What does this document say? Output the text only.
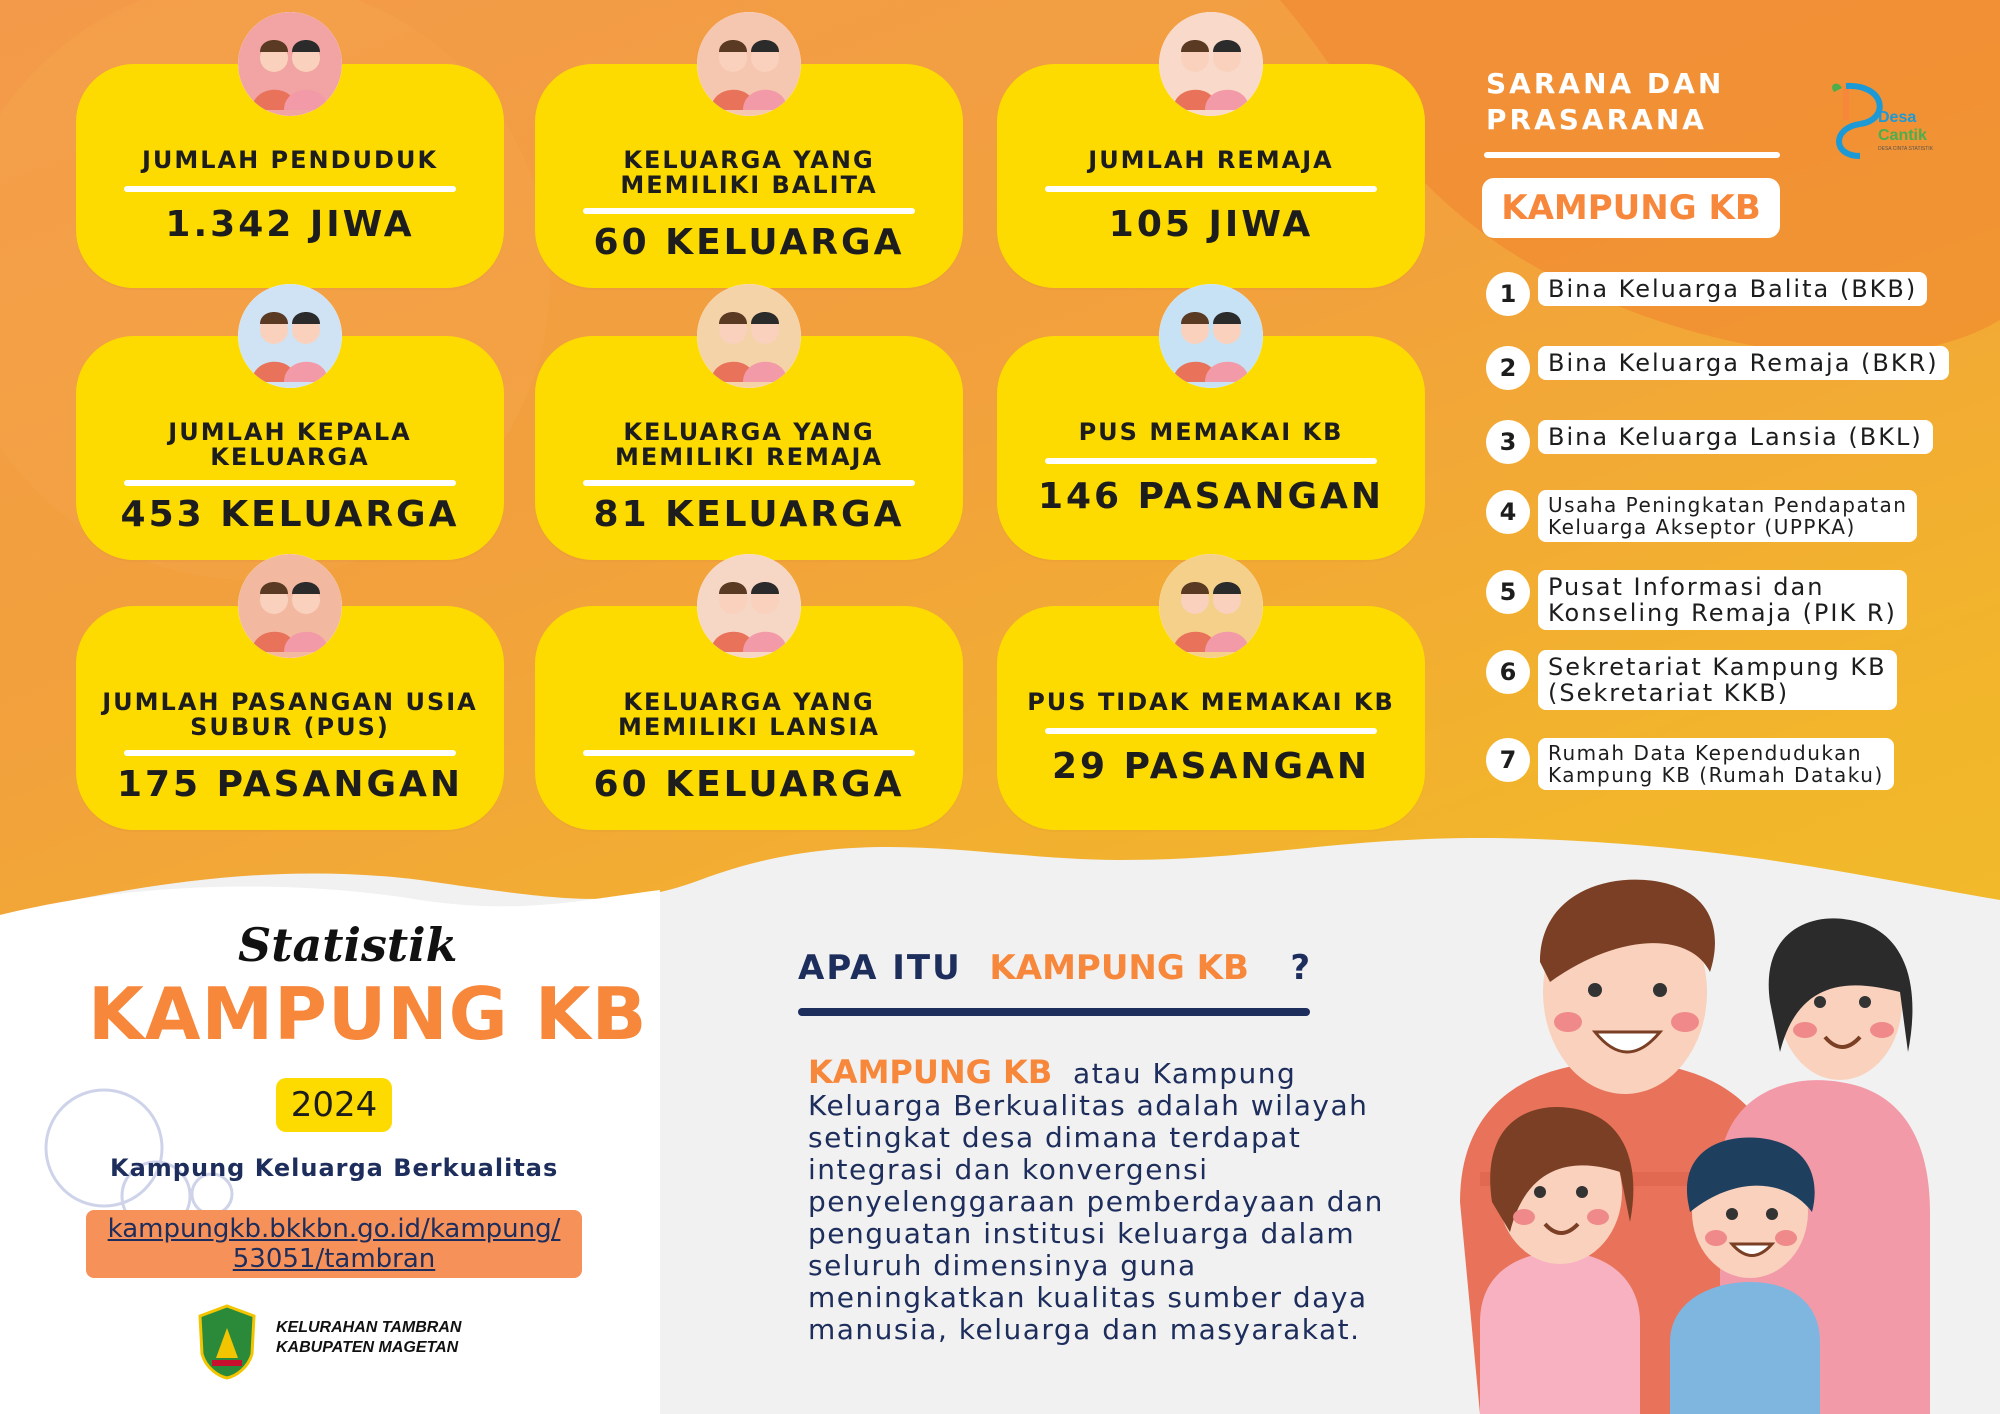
Desa
Cantik
DESA CINTA STATISTIK
JUMLAH PENDUDUK
1.342 JIWA
KELUARGA YANG
MEMILIKI BALITA
60 KELUARGA
JUMLAH REMAJA
105 JIWA
JUMLAH KEPALA
KELUARGA
453 KELUARGA
KELUARGA YANG
MEMILIKI REMAJA
81 KELUARGA
PUS MEMAKAI KB
146 PASANGAN
JUMLAH PASANGAN USIA
SUBUR (PUS)
175 PASANGAN
KELUARGA YANG
MEMILIKI LANSIA
60 KELUARGA
PUS TIDAK MEMAKAI KB
29 PASANGAN
SARANA DAN PRASARANA
KAMPUNG KB
1	Bina Keluarga Balita (BKB)
2	Bina Keluarga Remaja (BKR)
3	Bina Keluarga Lansia (BKL)
4	Usaha Peningkatan Pendapatan
Keluarga Akseptor (UPPKA)
5	Pusat Informasi dan
Konseling Remaja (PIK R)
6	Sekretariat Kampung KB
(Sekretariat KKB)
7	Rumah Data Kependudukan
Kampung KB (Rumah Dataku)
Statistik
KAMPUNG KB
2024
Kampung Keluarga Berkualitas
kampungkb.bkkbn.go.id/kampung/
53051/tambran
KELURAHAN TAMBRAN
KABUPATEN MAGETAN
APA ITU KAMPUNG KB ?
KAMPUNG KB atau Kampung Keluarga Berkualitas adalah wilayah setingkat desa dimana terdapat integrasi dan konvergensi penyelenggaraan pemberdayaan dan penguatan institusi keluarga dalam seluruh dimensinya guna meningkatkan kualitas sumber daya manusia, keluarga dan masyarakat.
